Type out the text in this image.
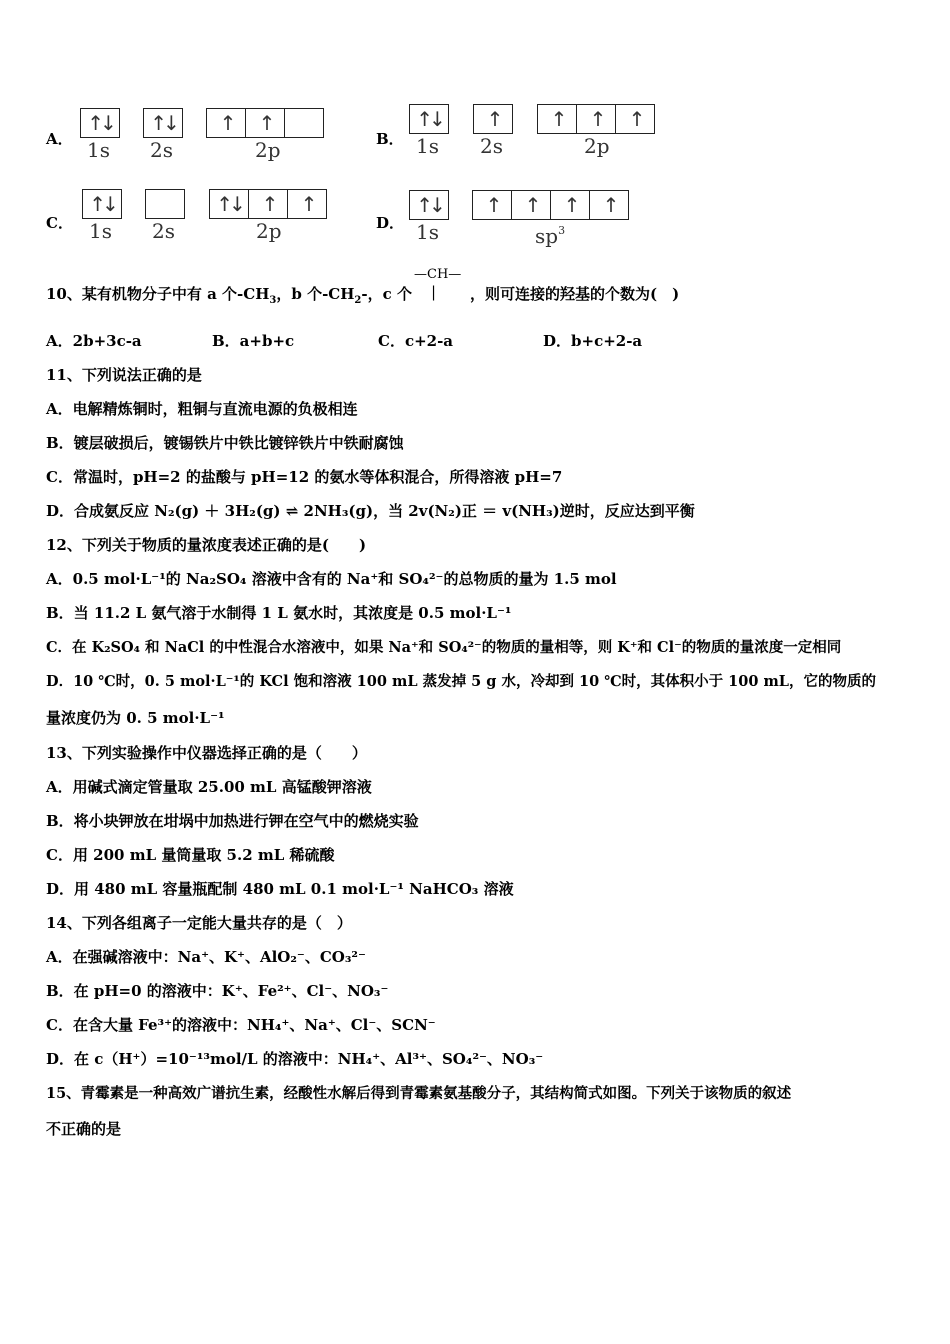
A．
↑↓
1s
↑↓
2s
↑	↑
2p	B．
↑↓
1s
↑
2s
↑	↑	↑
2p
C．
↑↓
1s 2s
↑↓ ↑	↑
2p	D．
↑↓
1s
↑	↑	↑	↑
$sp^3$
10、某有机物分子中有 a 个$-CH_3$，b 个$-CH_2-$，c 个
—CH—
| ，则可连接的羟基的个数为(　)
A．2b+3c-a	B．a+b+c	C．c+2-a	D．b+c+2-a
11、下列说法正确的是
A．电解精炼铜时，粗铜与直流电源的负极相连
B．镀层破损后，镀锡铁片中铁比镀锌铁片中铁耐腐蚀
C．常温时，pH=2 的盐酸与 pH=12 的氨水等体积混合，所得溶液 pH=7
D．合成氨反应 N₂(g) ＋ 3H₂(g) ⇌ 2NH₃(g)，当 2v(N₂)正 ＝ v(NH₃)逆时，反应达到平衡
12、下列关于物质的量浓度表述正确的是(　　)
A．0.5 mol·L⁻¹的 Na₂SO₄ 溶液中含有的 Na⁺和 SO₄²⁻的总物质的量为 1.5 mol
B．当 11.2 L 氨气溶于水制得 1 L 氨水时，其浓度是 0.5 mol·L⁻¹
C．在 K₂SO₄ 和 NaCl 的中性混合水溶液中，如果 Na⁺和 SO₄²⁻的物质的量相等，则 K⁺和 Cl⁻的物质的量浓度一定相同
D．10 ℃时，0. 5 mol·L⁻¹的 KCl 饱和溶液 100 mL 蒸发掉 5 g 水，冷却到 10 ℃时，其体积小于 100 mL，它的物质的
量浓度仍为 0. 5 mol·L⁻¹
13、下列实验操作中仪器选择正确的是（　　）
A．用碱式滴定管量取 25.00 mL 高锰酸钾溶液
B．将小块钾放在坩埚中加热进行钾在空气中的燃烧实验
C．用 200 mL 量筒量取 5.2 mL 稀硫酸
D．用 480 mL 容量瓶配制 480 mL 0.1 mol·L⁻¹ NaHCO₃ 溶液
14、下列各组离子一定能大量共存的是（　）
A．在强碱溶液中：Na⁺、K⁺、AlO₂⁻、CO₃²⁻
B．在 pH=0 的溶液中：K⁺、Fe²⁺、Cl⁻、NO₃⁻
C．在含大量 Fe³⁺的溶液中：NH₄⁺、Na⁺、Cl⁻、SCN⁻
D．在 c（H⁺）=10⁻¹³mol/L 的溶液中：NH₄⁺、Al³⁺、SO₄²⁻、NO₃⁻
15、青霉素是一种高效广谱抗生素，经酸性水解后得到青霉素氨基酸分子，其结构简式如图。下列关于该物质的叙述
不正确的是
